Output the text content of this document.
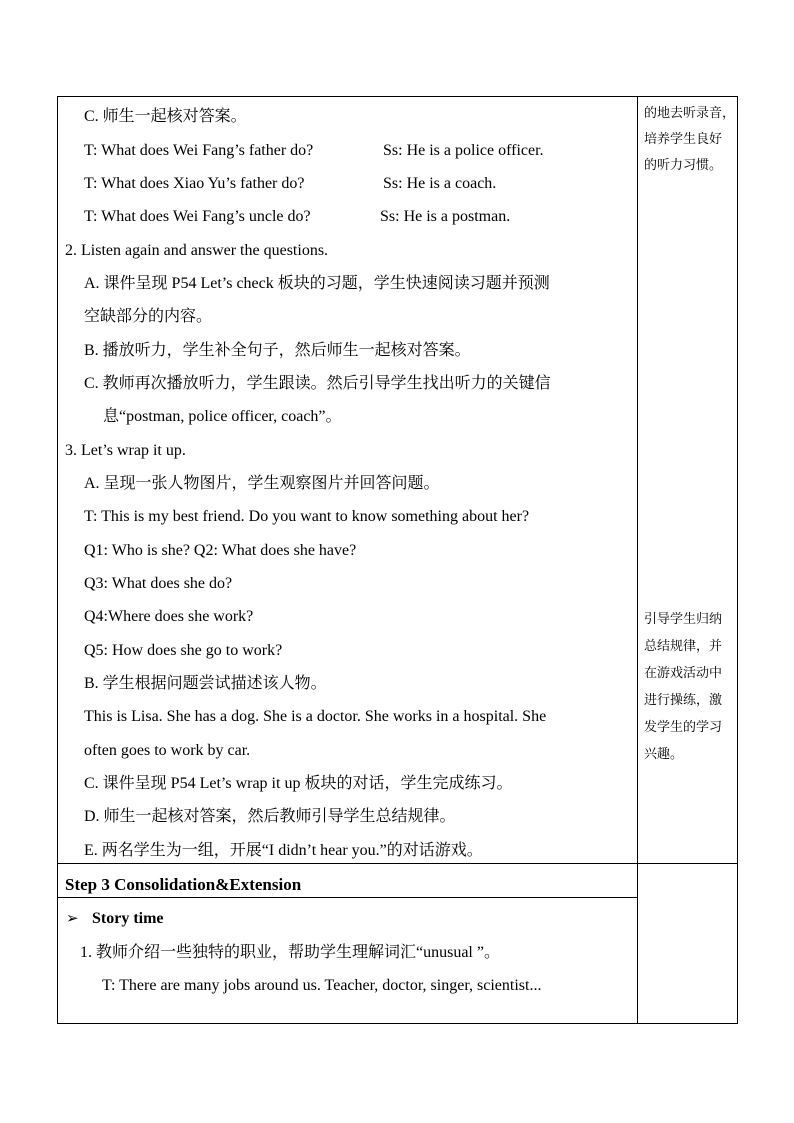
C. 师生一起核对答案。
T: What does Wei Fang’s father do?	Ss: He is a police officer.
T: What does Xiao Yu’s father do?	Ss: He is a coach.
T: What does Wei Fang’s uncle do?	Ss: He is a postman.
2. Listen again and answer the questions.
A. 课件呈现 P54 Let’s check 板块的习题，学生快速阅读习题并预测
空缺部分的内容。
B. 播放听力，学生补全句子，然后师生一起核对答案。
C. 教师再次播放听力，学生跟读。然后引导学生找出听力的关键信
息“postman, police officer, coach”。
3. Let’s wrap it up.
A. 呈现一张人物图片，学生观察图片并回答问题。
T: This is my best friend. Do you want to know something about her?
Q1: Who is she? Q2: What does she have?
Q3: What does she do?
Q4:Where does she work?
Q5: How does she go to work?
B. 学生根据问题尝试描述该人物。
This is Lisa. She has a dog. She is a doctor. She works in a hospital. She
often goes to work by car.
C. 课件呈现 P54 Let’s wrap it up 板块的对话，学生完成练习。
D. 师生一起核对答案，然后教师引导学生总结规律。
E. 两名学生为一组，开展“I didn’t hear you.”的对话游戏。
Step 3 Consolidation&Extension
➢ Story time
1. 教师介绍一些独特的职业，帮助学生理解词汇“unusual ”。
T: There are many jobs around us. Teacher, doctor, singer, scientist...
的地去听录音，
培养学生良好
的听力习惯。
引导学生归纳
总结规律，并
在游戏活动中
进行操练，激
发学生的学习
兴趣。
